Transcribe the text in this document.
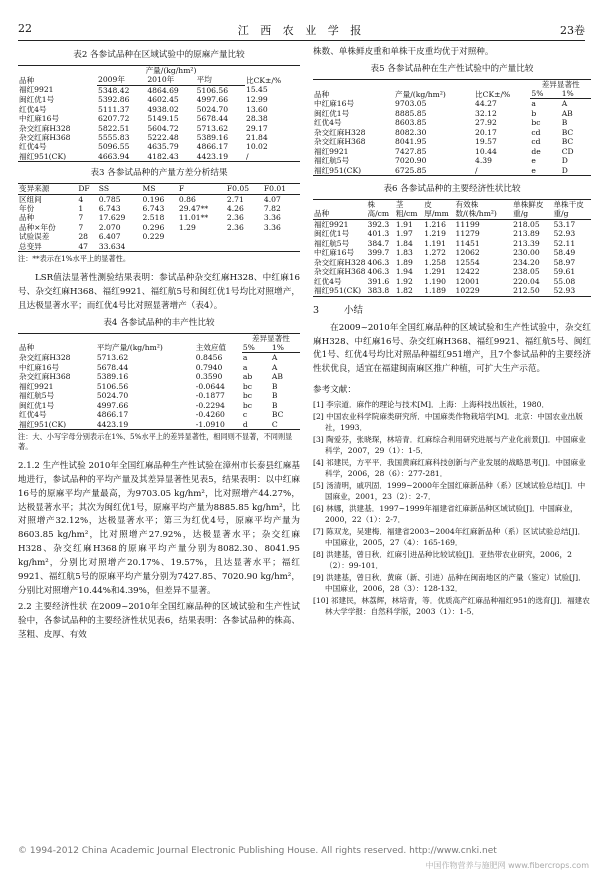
22	江 西 农 业 学 报	23卷
表2 各参试品种在区域试验中的原麻产量比较
品种	产量/(kg/hm²)			比CK±/%
	2009年	2010年	平均	
福红9921	5348.42	4864.69	5106.56	15.45
闽红优1号	5392.86	4602.45	4997.66	12.99
红优4号	5111.37	4938.02	5024.70	13.60
中红麻16号	6207.72	5149.15	5678.44	28.38
杂交红麻H328	5822.51	5604.72	5713.62	29.17
杂交红麻H368	5555.83	5222.48	5389.16	21.84
红优4号	5096.55	4635.79	4866.17	10.02
福红951(CK)	4663.94	4182.43	4423.19	/
表3 各参试品种的产量方差分析结果
变异来源	DF	SS	MS	F	F0.05	F0.01
区组间	4	0.785	0.196	0.86	2.71	4.07
年份	1	6.743	6.743	29.47**	4.26	7.82
品种	7	17.629	2.518	11.01**	2.36	3.36
品种×年份	7	2.070	0.296	1.29	2.36	3.36
试验误差	28	6.407	0.229			
总变异	47	33.634				
注：**表示在1%水平上的显著性。

LSR值法显著性测验结果表明：参试品种杂交红麻H328、中红麻16号、杂交红麻H368、福红9921、福红航5号和闽红优1号均比对照增产，且达极显著水平；而红优4号比对照显著增产（表4）。

表4 各参试品种的丰产性比较
品种	平均产量/(kg/hm²)	主效应值	差异显著性	
			5%	1%
杂交红麻H328	5713.62	0.8456	a	A
中红麻16号	5678.44	0.7940	a	A
杂交红麻H368	5389.16	0.3590	ab	AB
福红9921	5106.56	-0.0644	bc	B
福红航5号	5024.70	-0.1877	bc	B
闽红优1号	4997.66	-0.2294	bc	B
红优4号	4866.17	-0.4260	c	BC
福红951(CK)	4423.19	-1.0910	d	C
注：大、小写字母分别表示在1%、5%水平上的差异显著性，相同则不显著，不同则显著。

2.1.2 生产性试验 2010年全国红麻品种生产性试验在漳州市长泰县红麻基地进行，参试品种的平均产量及其差异显著性见表5，结果表明：以中红麻16号的原麻平均产量最高，为9703.05 kg/hm²，比对照增产44.27%，达极显著水平；其次为闽红优1号，原麻平均产量为8885.85 kg/hm²，比对照增产32.12%，达极显著水平；第三为红优4号，原麻平均产量为8603.85 kg/hm²，比对照增产27.92%，达极显著水平；杂交红麻H328、杂交红麻H368的原麻平均产量分别为8082.30、8041.95 kg/hm²，分别比对照增产20.17%、19.57%，且达显著水平；福红9921、福红航5号的原麻平均产量分别为7427.85、7020.90 kg/hm²，分别比对照增产10.44%和4.39%，但差异不显著。

2.2 主要经济性状 在2009~2010年全国红麻品种的区域试验和生产性试验中，各参试品种的主要经济性状见表6，结果表明：各参试品种的株高、茎粗、皮厚、有效

株数、单株鲜皮重和单株干皮重均优于对照种。

表5 各参试品种在生产性试验中的产量比较
品种	产量/(kg/hm²)	比CK±/%	差异显著性	
			5%	1%
中红麻16号	9703.05	44.27	a	A
闽红优1号	8885.85	32.12	b	AB
红优4号	8603.85	27.92	bc	B
杂交红麻H328	8082.30	20.17	cd	BC
杂交红麻H368	8041.95	19.57	cd	BC
福红9921	7427.85	10.44	de	CD
福红航5号	7020.90	4.39	e	D
福红951(CK)	6725.85	/	e	D
表6 各参试品种的主要经济性状比较
品种	株高/cm	茎粗/cm	皮厚/mm	有效株数/(株/hm²)	单株鲜皮重/g	单株干皮重/g
福红9921	392.3	1.91	1.216	11199	218.05	53.17
闽红优1号	401.3	1.97	1.219	11279	213.89	52.93
福红航5号	384.7	1.84	1.191	11451	213.39	52.11
中红麻16号	399.7	1.83	1.272	12062	230.00	58.49
杂交红麻H328	406.3	1.89	1.258	12554	234.20	58.97
杂交红麻H368	406.3	1.94	1.291	12422	238.05	59.61
红优4号	391.6	1.92	1.190	12001	220.04	55.08
福红951(CK)	383.8	1.82	1.189	10229	212.50	52.93
3	小结

在2009~2010年全国红麻品种的区域试验和生产性试验中，杂交红麻H328、中红麻16号、杂交红麻H368、福红9921、福红航5号、闽红优1号、红优4号均比对照品种福红951增产，且7个参试品种的主要经济性状优良，适宜在福建闽南麻区推广种植，可扩大生产示范。

参考文献：
[1] 李宗道．麻作的理论与技术[M]．上海：上海科技出版社，1980．
[2] 中国农业科学院麻类研究所．中国麻类作物栽培学[M]．北京：中国农业出版社，1993．
[3] 陶爱芬，张晓琛，林培青．红麻综合利用研究进展与产业化前景[J]．中国麻业科学，2007，29（1）：1-5．
[4] 祁建民，方平平．我国黄麻红麻科技创新与产业发展的战略思考[J]．中国麻业科学，2006，28（6）：277-281．
[5] 汤清明，戚巩固．1999~2000年全国红麻新品种（系）区域试验总结[J]．中国麻业，2001，23（2）：2-7．
[6] 林娜，洪建基．1997~1999年福建省红麻新品种区域试验[J]．中国麻业，2000，22（1）：2-7．
[7] 陈双龙，吴建梅．福建省2003~2004年红麻新品种（系）区试试验总结[J]．中国麻业，2005，27（4）：165-169．
[8] 洪建基，曾日秋．红麻引进品种比较试验[J]．亚热带农业研究，2006，2（2）：99-101．
[9] 洪建基，曾日秋．黄麻（新、引进）品种在闽南地区的产量（鉴定）试验[J]．中国麻业，2006，28（3）：128-132．
[10] 祁建民，林荔辉，林培青，等．优质高产红麻品种福红951的选育[J]．福建农林大学学报：自然科学版，2003（1）：1-5．
© 1994-2012 China Academic Journal Electronic Publishing House. All rights reserved. http://www.cnki.net
中国作物营养与施肥网 www.fibercrops.com
